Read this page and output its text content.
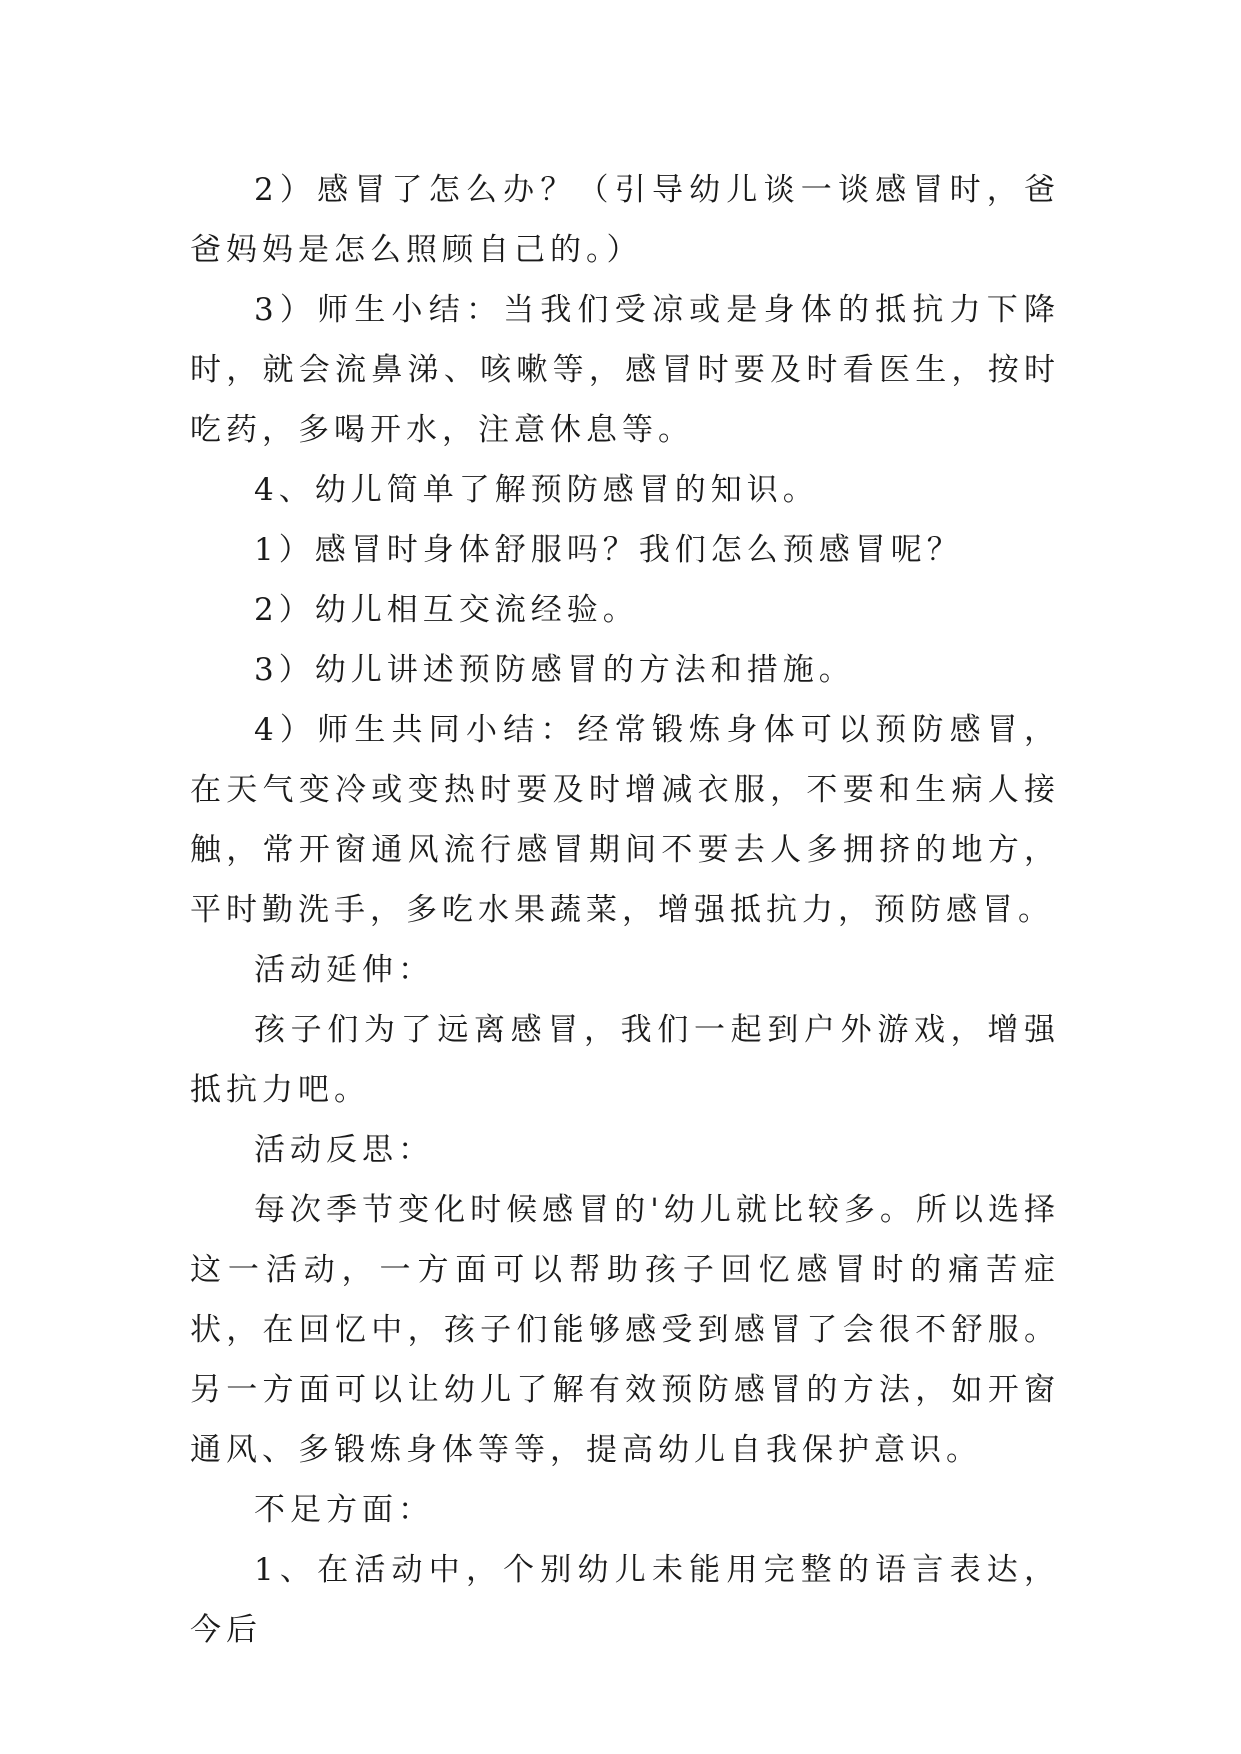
2）感冒了怎么办？（引导幼儿谈一谈感冒时，爸爸妈妈是怎么照顾自己的。）

3）师生小结：当我们受凉或是身体的抵抗力下降时，就会流鼻涕、咳嗽等，感冒时要及时看医生，按时吃药，多喝开水，注意休息等。

4、幼儿简单了解预防感冒的知识。

1）感冒时身体舒服吗？我们怎么预感冒呢？

2）幼儿相互交流经验。

3）幼儿讲述预防感冒的方法和措施。

4）师生共同小结：经常锻炼身体可以预防感冒，在天气变冷或变热时要及时增减衣服，不要和生病人接触，常开窗通风流行感冒期间不要去人多拥挤的地方，平时勤洗手，多吃水果蔬菜，增强抵抗力，预防感冒。

活动延伸：

孩子们为了远离感冒，我们一起到户外游戏，增强抵抗力吧。

活动反思：

每次季节变化时候感冒的'幼儿就比较多。所以选择这一活动，一方面可以帮助孩子回忆感冒时的痛苦症状，在回忆中，孩子们能够感受到感冒了会很不舒服。另一方面可以让幼儿了解有效预防感冒的方法，如开窗通风、多锻炼身体等等，提高幼儿自我保护意识。

不足方面：

1、在活动中，个别幼儿未能用完整的语言表达，今后
